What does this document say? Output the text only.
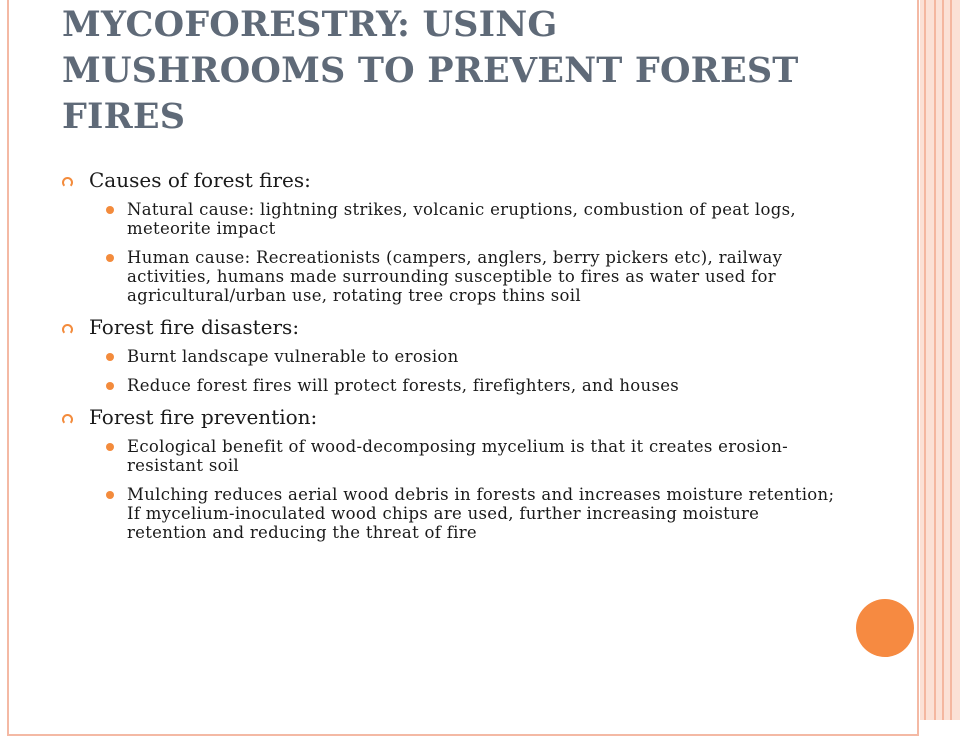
MYCOFORESTRY: USING MUSHROOMS TO PREVENT FOREST FIRES
Causes of forest fires:
Natural cause: lightning strikes, volcanic eruptions, combustion of peat logs, meteorite impact
Human cause: Recreationists (campers, anglers, berry pickers etc), railway activities, humans made surrounding susceptible to fires as water used for agricultural/urban use, rotating tree crops thins soil
Forest fire disasters:
Burnt landscape vulnerable to erosion
Reduce forest fires will protect forests, firefighters, and houses
Forest fire prevention:
Ecological benefit of wood-decomposing mycelium is that it creates erosion-resistant soil
Mulching reduces aerial wood debris in forests and increases moisture retention; If mycelium-inoculated wood chips are used, further increasing moisture retention and reducing the threat of fire
